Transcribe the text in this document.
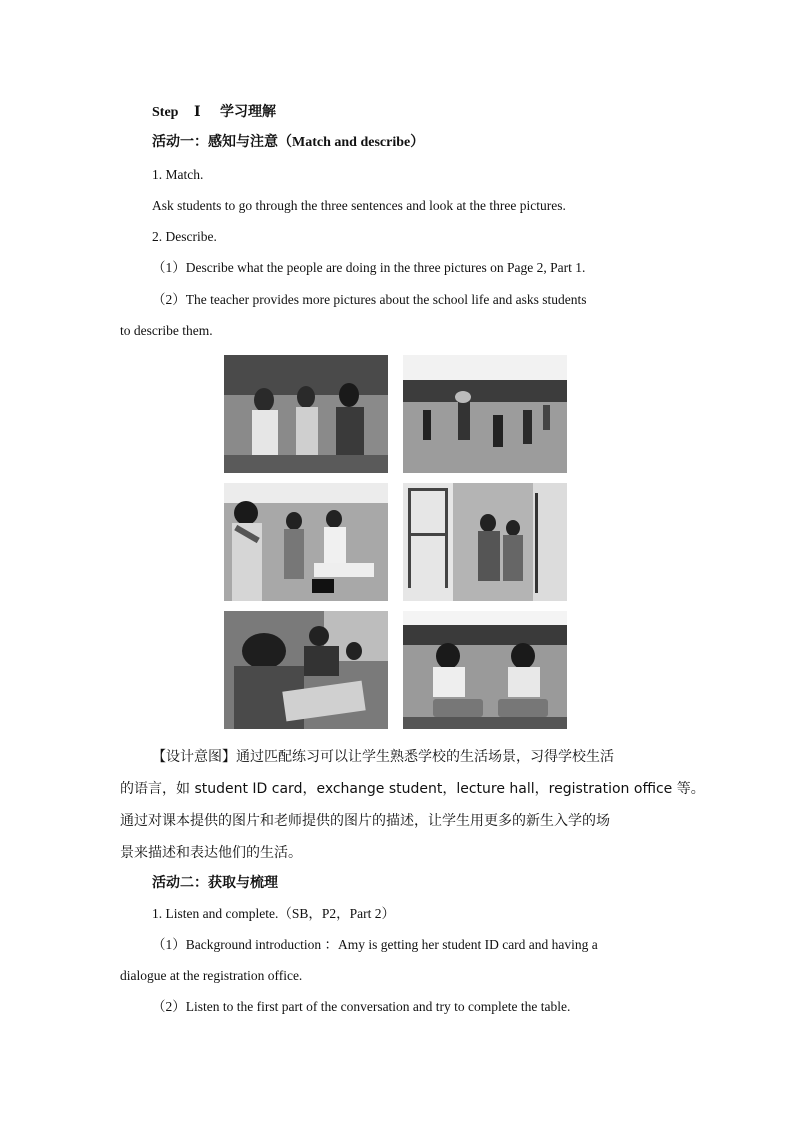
Step Ⅰ 学习理解
活动一：感知与注意（Match and describe）
1. Match.
Ask students to go through the three sentences and look at the three pictures.
2. Describe.
（1）Describe what the people are doing in the three pictures on Page 2, Part 1.
（2）The teacher provides more pictures about the school life and asks students
to describe them.
【设计意图】通过匹配练习可以让学生熟悉学校的生活场景，习得学校生活
的语言，如 student ID card，exchange student，lecture hall，registration office 等。
通过对课本提供的图片和老师提供的图片的描述，让学生用更多的新生入学的场
景来描述和表达他们的生活。
活动二：获取与梳理
1. Listen and complete.（SB，P2，Part 2）
（1）Background introduction ：Amy is getting her student ID card and having a
dialogue at the registration office.
（2）Listen to the first part of the conversation and try to complete the table.
